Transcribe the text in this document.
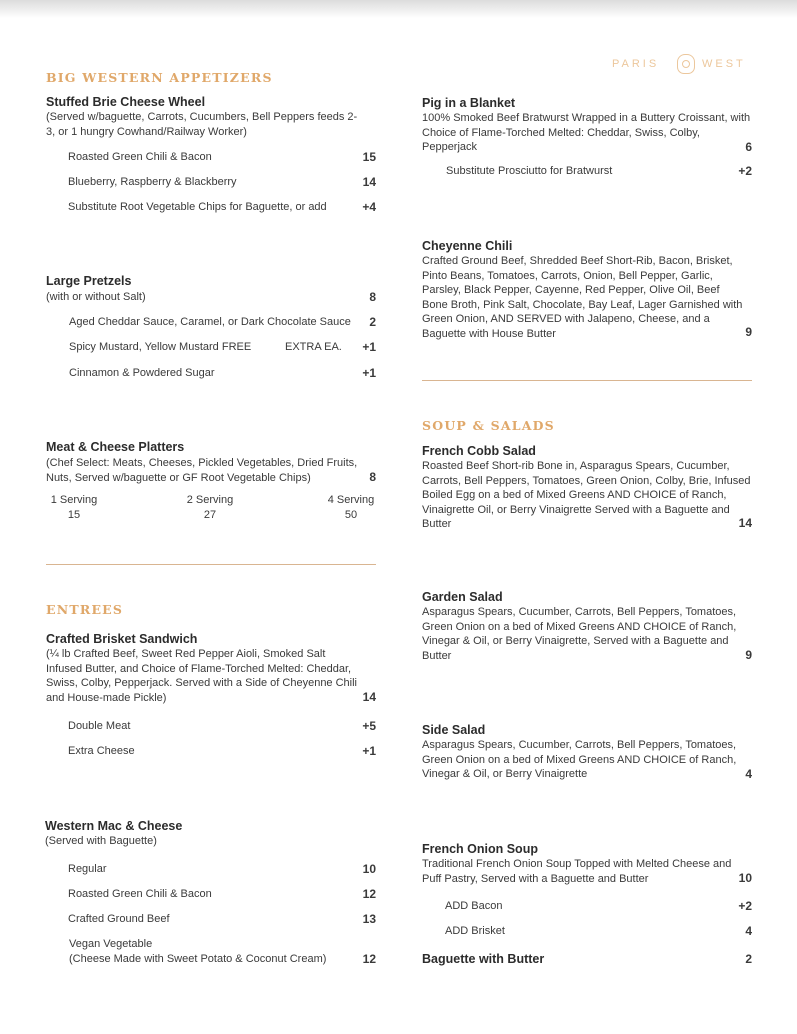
PARIS	WEST
BIG WESTERN APPETIZERS
Stuffed Brie Cheese Wheel
(Served w/baguette, Carrots, Cucumbers, Bell Peppers feeds 2-3, or 1 hungry Cowhand/Railway Worker)
Roasted Green Chili & Bacon	15
Blueberry, Raspberry & Blackberry	14
Substitute Root Vegetable Chips for Baguette, or add	+4
Large Pretzels
(with or without Salt)	8
Aged Cheddar Sauce, Caramel, or Dark Chocolate Sauce	2
Spicy Mustard, Yellow Mustard FREE	EXTRA EA.	+1
Cinnamon & Powdered Sugar	+1
Meat & Cheese Platters
(Chef Select: Meats, Cheeses, Pickled Vegetables, Dried Fruits, Nuts, Served w/baguette or GF Root Vegetable Chips)	8
1 Serving
15
2 Serving
27
4 Serving
50
ENTREES
Crafted Brisket Sandwich
(¼ lb Crafted Beef, Sweet Red Pepper Aioli, Smoked Salt Infused Butter, and Choice of Flame-Torched Melted: Cheddar, Swiss, Colby, Pepperjack. Served with a Side of Cheyenne Chili and House-made Pickle)	14
Double Meat	+5
Extra Cheese	+1
Western Mac & Cheese
(Served with Baguette)
Regular	10
Roasted Green Chili & Bacon	12
Crafted Ground Beef	13
Vegan Vegetable
(Cheese Made with Sweet Potato & Coconut Cream)	12
Pig in a Blanket
100% Smoked Beef Bratwurst Wrapped in a Buttery Croissant, with Choice of Flame-Torched Melted: Cheddar, Swiss, Colby, Pepperjack	6
Substitute Prosciutto for Bratwurst	+2
Cheyenne Chili
Crafted Ground Beef, Shredded Beef Short-Rib, Bacon, Brisket, Pinto Beans, Tomatoes, Carrots, Onion, Bell Pepper, Garlic, Parsley, Black Pepper, Cayenne, Red Pepper, Olive Oil, Beef Bone Broth, Pink Salt, Chocolate, Bay Leaf, Lager Garnished with Green Onion, AND SERVED with Jalapeno, Cheese, and a Baguette with House Butter	9
SOUP & SALADS
French Cobb Salad
Roasted Beef Short-rib Bone in, Asparagus Spears, Cucumber, Carrots, Bell Peppers, Tomatoes, Green Onion, Colby, Brie, Infused Boiled Egg on a bed of Mixed Greens AND CHOICE of Ranch, Vinaigrette Oil, or Berry Vinaigrette Served with a Baguette and Butter	14
Garden Salad
Asparagus Spears, Cucumber, Carrots, Bell Peppers, Tomatoes, Green Onion on a bed of Mixed Greens AND CHOICE of Ranch, Vinegar & Oil, or Berry Vinaigrette, Served with a Baguette and Butter	9
Side Salad
Asparagus Spears, Cucumber, Carrots, Bell Peppers, Tomatoes, Green Onion on a bed of Mixed Greens AND CHOICE of Ranch, Vinegar & Oil, or Berry Vinaigrette	4
French Onion Soup
Traditional French Onion Soup Topped with Melted Cheese and Puff Pastry, Served with a Baguette and Butter	10
ADD Bacon	+2
ADD Brisket	4
Baguette with Butter	2
